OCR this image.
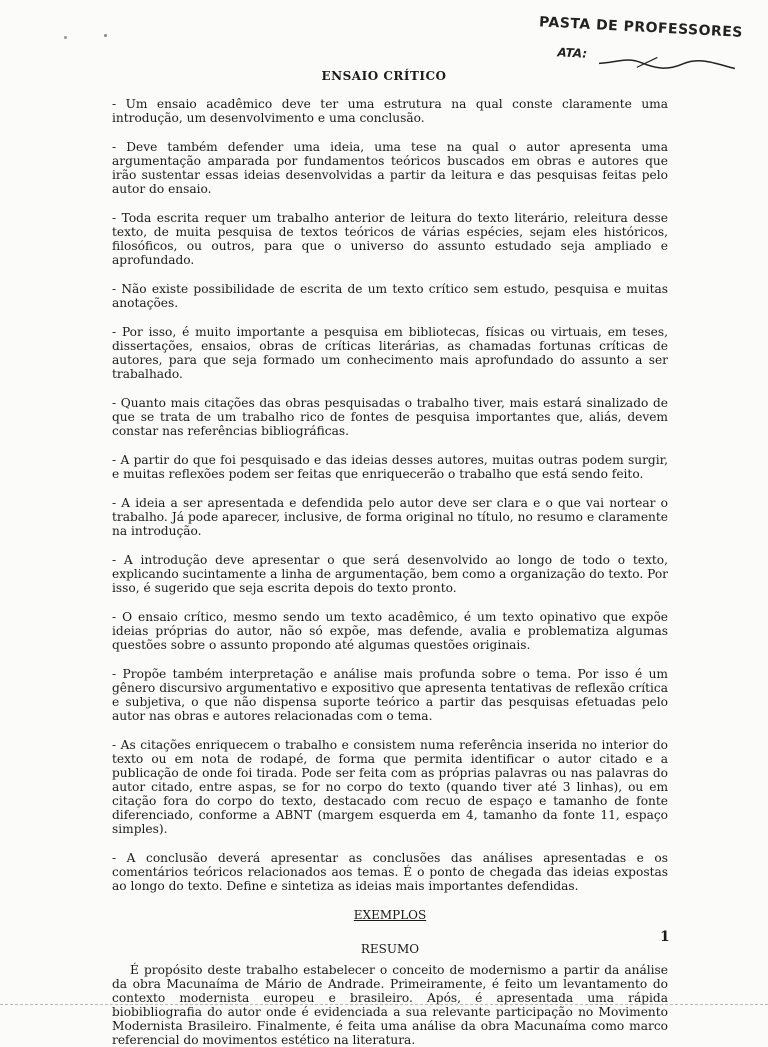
PASTA DE PROFESSORES
ATA:
ENSAIO CRÍTICO

- Um ensaio acadêmico deve ter uma estrutura na qual conste claramente uma introdução, um desenvolvimento e uma conclusão.

- Deve também defender uma ideia, uma tese na qual o autor apresenta uma argumentação amparada por fundamentos teóricos buscados em obras e autores que irão sustentar essas ideias desenvolvidas a partir da leitura e das pesquisas feitas pelo autor do ensaio.

- Toda escrita requer um trabalho anterior de leitura do texto literário, releitura desse texto, de muita pesquisa de textos teóricos de várias espécies, sejam eles históricos, filosóficos, ou outros, para que o universo do assunto estudado seja ampliado e aprofundado.

- Não existe possibilidade de escrita de um texto crítico sem estudo, pesquisa e muitas anotações.

- Por isso, é muito importante a pesquisa em bibliotecas, físicas ou virtuais, em teses, dissertações, ensaios, obras de críticas literárias, as chamadas fortunas críticas de autores, para que seja formado um conhecimento mais aprofundado do assunto a ser trabalhado.

- Quanto mais citações das obras pesquisadas o trabalho tiver, mais estará sinalizado de que se trata de um trabalho rico de fontes de pesquisa importantes que, aliás, devem constar nas referências bibliográficas.

- A partir do que foi pesquisado e das ideias desses autores, muitas outras podem surgir, e muitas reflexões podem ser feitas que enriquecerão o trabalho que está sendo feito.

- A ideia a ser apresentada e defendida pelo autor deve ser clara e o que vai nortear o trabalho. Já pode aparecer, inclusive, de forma original no título, no resumo e claramente na introdução.

- A introdução deve apresentar o que será desenvolvido ao longo de todo o texto, explicando sucintamente a linha de argumentação, bem como a organização do texto. Por isso, é sugerido que seja escrita depois do texto pronto.

- O ensaio crítico, mesmo sendo um texto acadêmico, é um texto opinativo que expõe ideias próprias do autor, não só expõe, mas defende, avalia e problematiza algumas questões sobre o assunto propondo até algumas questões originais.

- Propõe também interpretação e análise mais profunda sobre o tema. Por isso é um gênero discursivo argumentativo e expositivo que apresenta tentativas de reflexão crítica e subjetiva, o que não dispensa suporte teórico a partir das pesquisas efetuadas pelo autor nas obras e autores relacionadas com o tema.

- As citações enriquecem o trabalho e consistem numa referência inserida no interior do texto ou em nota de rodapé, de forma que permita identificar o autor citado e a publicação de onde foi tirada. Pode ser feita com as próprias palavras ou nas palavras do autor citado, entre aspas, se for no corpo do texto (quando tiver até 3 linhas), ou em citação fora do corpo do texto, destacado com recuo de espaço e tamanho de fonte diferenciado, conforme a ABNT (margem esquerda em 4, tamanho da fonte 11, espaço simples).

- A conclusão deverá apresentar as conclusões das análises apresentadas e os comentários teóricos relacionados aos temas. É o ponto de chegada das ideias expostas ao longo do texto. Define e sintetiza as ideias mais importantes defendidas.

EXEMPLOS
RESUMO

É propósito deste trabalho estabelecer o conceito de modernismo a partir da análise da obra Macunaíma de Mário de Andrade. Primeiramente, é feito um levantamento do contexto modernista europeu e brasileiro. Após, é apresentada uma rápida biobibliografia do autor onde é evidenciada a sua relevante participação no Movimento Modernista Brasileiro. Finalmente, é feita uma análise da obra Macunaíma como marco referencial do movimentos estético na literatura.

1
